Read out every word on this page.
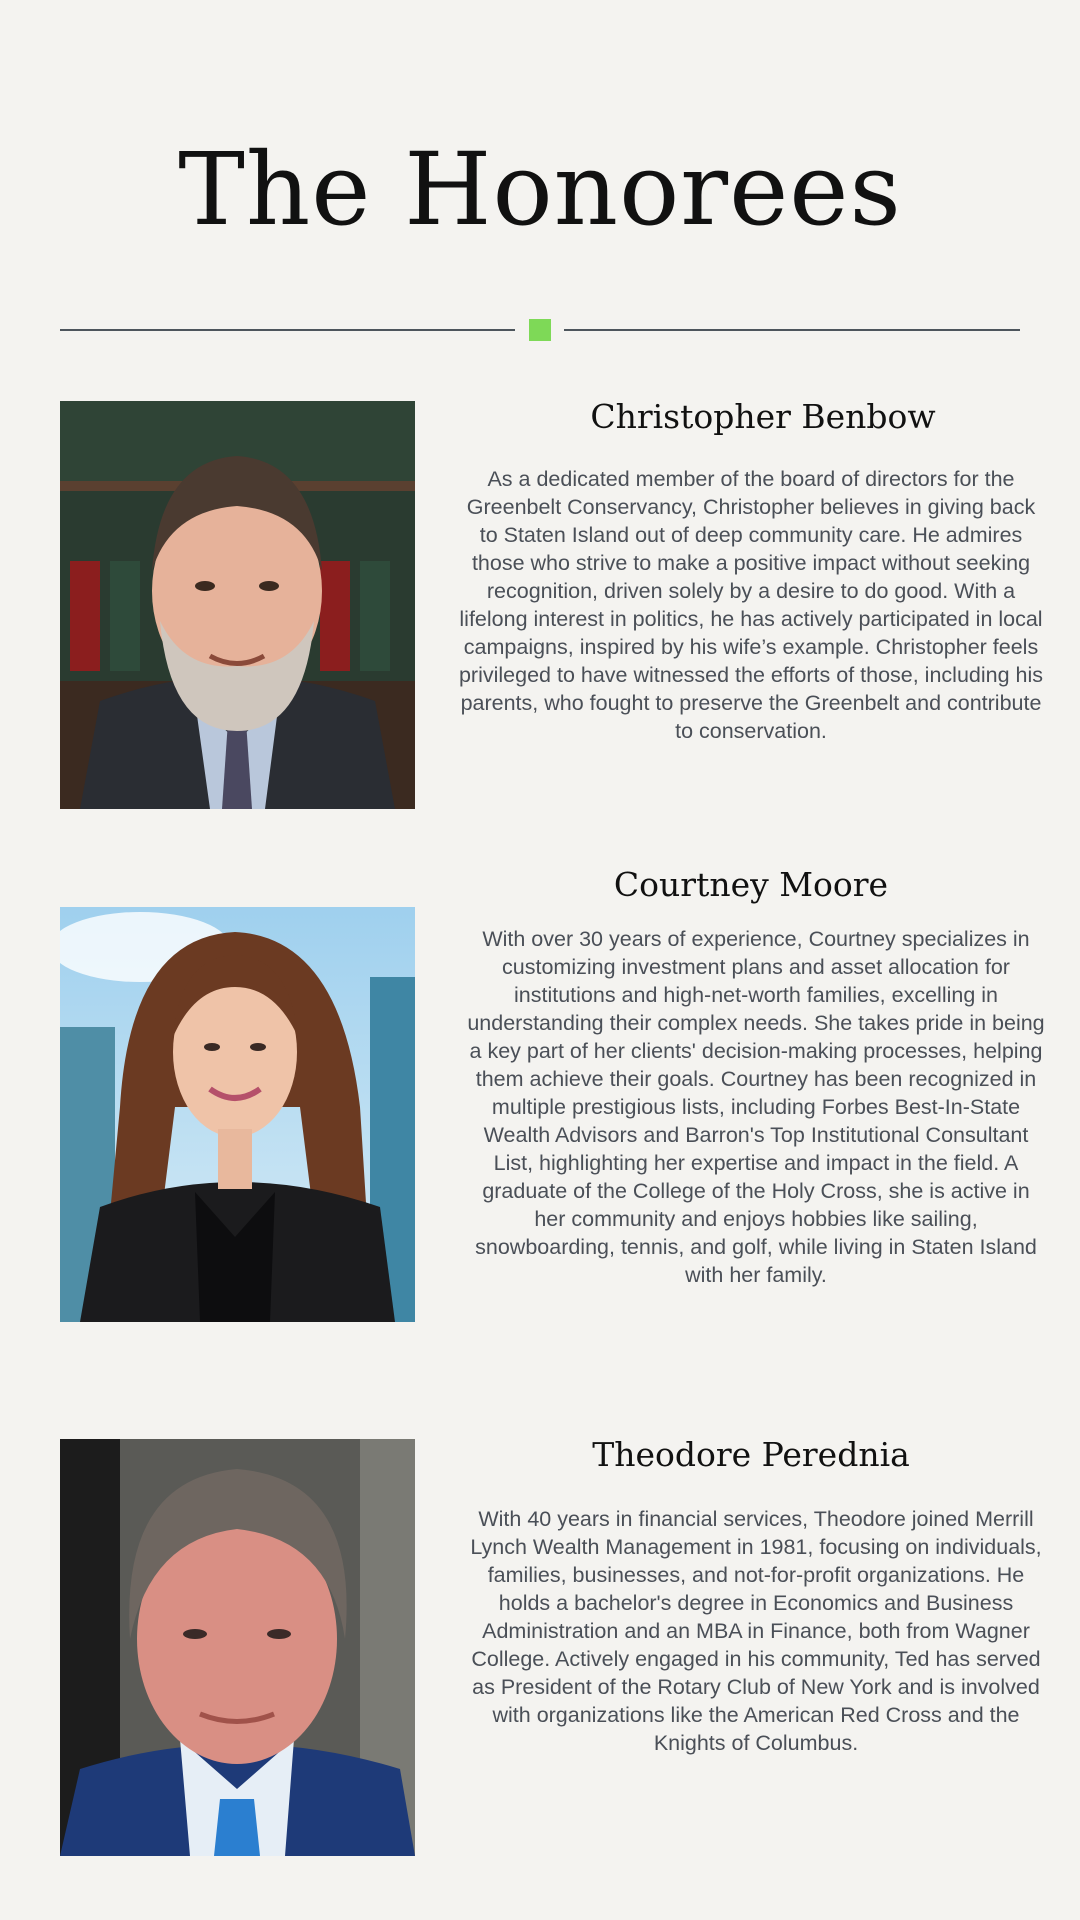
The Honorees
Christopher Benbow
As a dedicated member of the board of directors for the Greenbelt Conservancy, Christopher believes in giving back to Staten Island out of deep community care. He admires those who strive to make a positive impact without seeking recognition, driven solely by a desire to do good. With a lifelong interest in politics, he has actively participated in local campaigns, inspired by his wife’s example. Christopher feels privileged to have witnessed the efforts of those, including his parents, who fought to preserve the Greenbelt and contribute to conservation.
Courtney Moore
With over 30 years of experience, Courtney specializes in customizing investment plans and asset allocation for institutions and high-net-worth families, excelling in understanding their complex needs. She takes pride in being a key part of her clients' decision-making processes, helping them achieve their goals. Courtney has been recognized in multiple prestigious lists, including Forbes Best-In-State Wealth Advisors and Barron's Top Institutional Consultant List, highlighting her expertise and impact in the field. A graduate of the College of the Holy Cross, she is active in her community and enjoys hobbies like sailing, snowboarding, tennis, and golf, while living in Staten Island with her family.
Theodore Perednia
With 40 years in financial services, Theodore joined Merrill Lynch Wealth Management in 1981, focusing on individuals, families, businesses, and not-for-profit organizations. He holds a bachelor's degree in Economics and Business Administration and an MBA in Finance, both from Wagner College. Actively engaged in his community, Ted has served as President of the Rotary Club of New York and is involved with organizations like the American Red Cross and the Knights of Columbus.
